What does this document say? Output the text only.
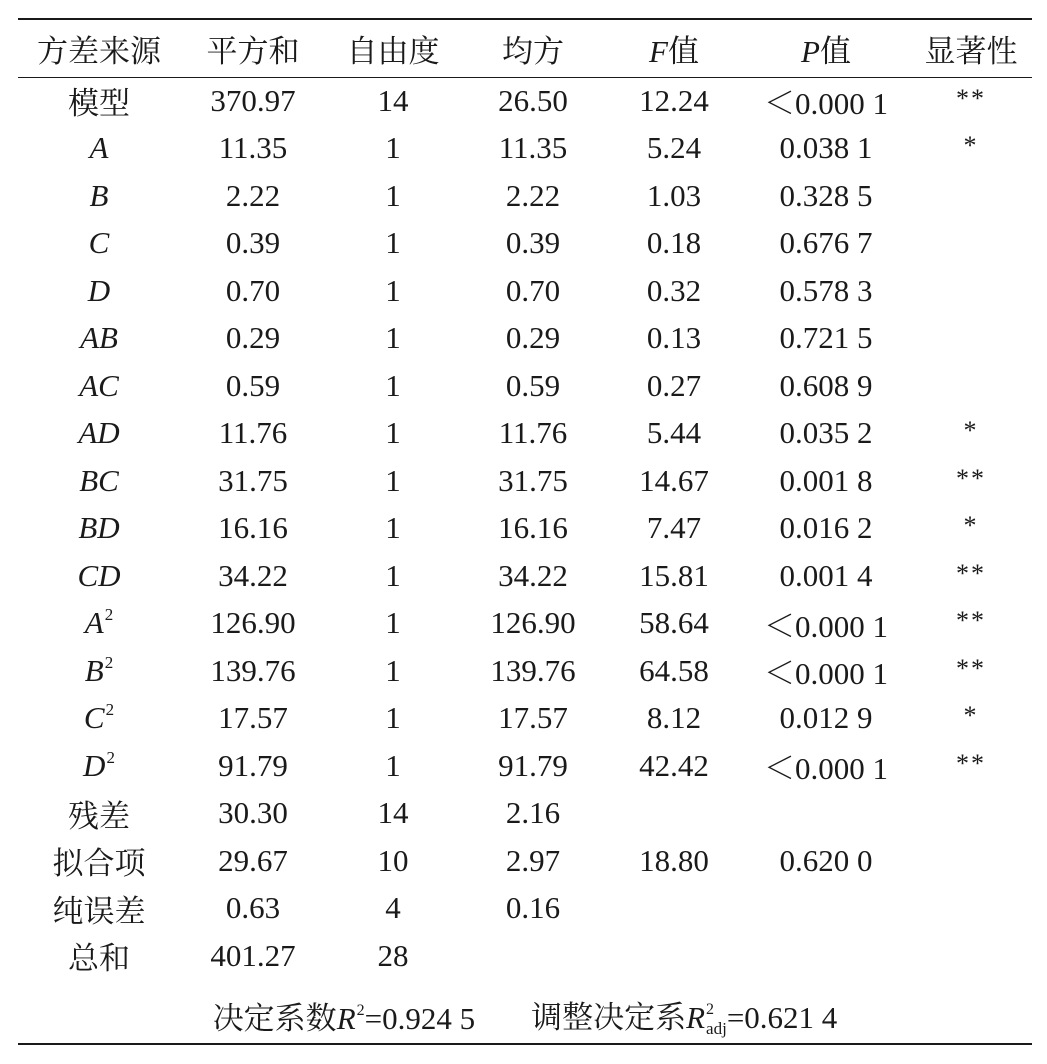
方差来源	平方和	自由度	均方	F值	P值	显著性
模型	370.97	14	26.50	12.24	＜0.000 1	**
A	11.35	1	11.35	5.24	0.038 1	*
B	2.22	1	2.22	1.03	0.328 5	
C	0.39	1	0.39	0.18	0.676 7	
D	0.70	1	0.70	0.32	0.578 3	
AB	0.29	1	0.29	0.13	0.721 5	
AC	0.59	1	0.59	0.27	0.608 9	
AD	11.76	1	11.76	5.44	0.035 2	*
BC	31.75	1	31.75	14.67	0.001 8	**
BD	16.16	1	16.16	7.47	0.016 2	*
CD	34.22	1	34.22	15.81	0.001 4	**
$A^2$	126.90	1	126.90	58.64	＜0.000 1	**
$B^2$	139.76	1	139.76	64.58	＜0.000 1	**
$C^2$	17.57	1	17.57	8.12	0.012 9	*
$D^2$	91.79	1	91.79	42.42	＜0.000 1	**
残差	30.30	14	2.16			
拟合项	29.67	10	2.97	18.80	0.620 0	
纯误差	0.63	4	0.16			
总和	401.27	28				
决定系数$R^2=0.924$ 5 调整决定系$R^2_{adj}=0.621$ 4
